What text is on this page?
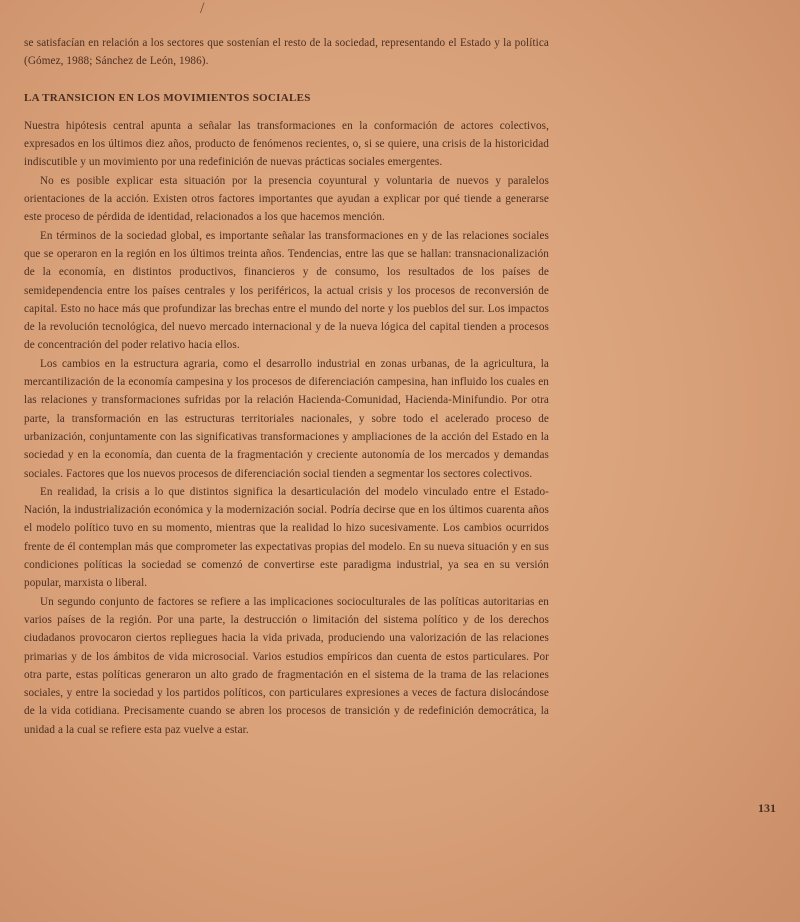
/

se satisfacían en relación a los sectores que sostenían el resto de la sociedad, representando el Estado y la política (Gómez, 1988; Sánchez de León, 1986).

LA TRANSICION EN LOS MOVIMIENTOS SOCIALES

Nuestra hipótesis central apunta a señalar las transformaciones en la conformación de actores colectivos, expresados en los últimos diez años, producto de fenómenos recientes, o, si se quiere, una crisis de la historicidad indiscutible y un movimiento por una redefinición de nuevas prácticas sociales emergentes.

No es posible explicar esta situación por la presencia coyuntural y voluntaria de nuevos y paralelos orientaciones de la acción. Existen otros factores importantes que ayudan a explicar por qué tiende a generarse este proceso de pérdida de identidad, relacionados a los que hacemos mención.

En términos de la sociedad global, es importante señalar las transformaciones en y de las relaciones sociales que se operaron en la región en los últimos treinta años. Tendencias, entre las que se hallan: transnacionalización de la economía, en distintos productivos, financieros y de consumo, los resultados de los países de semidependencia entre los países centrales y los periféricos, la actual crisis y los procesos de reconversión de capital. Esto no hace más que profundizar las brechas entre el mundo del norte y los pueblos del sur. Los impactos de la revolución tecnológica, del nuevo mercado internacional y de la nueva lógica del capital tienden a procesos de concentración del poder relativo hacia ellos.

Los cambios en la estructura agraria, como el desarrollo industrial en zonas urbanas, de la agricultura, la mercantilización de la economía campesina y los procesos de diferenciación campesina, han influido los cuales en las relaciones y transformaciones sufridas por la relación Hacienda-Comunidad, Hacienda-Minifundio. Por otra parte, la transformación en las estructuras territoriales nacionales, y sobre todo el acelerado proceso de urbanización, conjuntamente con las significativas transformaciones y ampliaciones de la acción del Estado en la sociedad y en la economía, dan cuenta de la fragmentación y creciente autonomía de los mercados y demandas sociales. Factores que los nuevos procesos de diferenciación social tienden a segmentar los sectores colectivos.

En realidad, la crisis a lo que distintos significa la desarticulación del modelo vinculado entre el Estado-Nación, la industrialización económica y la modernización social. Podría decirse que en los últimos cuarenta años el modelo político tuvo en su momento, mientras que la realidad lo hizo sucesivamente. Los cambios ocurridos frente de él contemplan más que comprometer las expectativas propias del modelo. En su nueva situación y en sus condiciones políticas la sociedad se comenzó de convertirse este paradigma industrial, ya sea en su versión popular, marxista o liberal.

Un segundo conjunto de factores se refiere a las implicaciones socioculturales de las políticas autoritarias en varios países de la región. Por una parte, la destrucción o limitación del sistema político y de los derechos ciudadanos provocaron ciertos repliegues hacia la vida privada, produciendo una valorización de las relaciones primarias y de los ámbitos de vida microsocial. Varios estudios empíricos dan cuenta de estos particulares. Por otra parte, estas políticas generaron un alto grado de fragmentación en el sistema de la trama de las relaciones sociales, y entre la sociedad y los partidos políticos, con particulares expresiones a veces de factura dislocándose de la vida cotidiana. Precisamente cuando se abren los procesos de transición y de redefinición democrática, la unidad a la cual se refiere esta paz vuelve a estar.

131
